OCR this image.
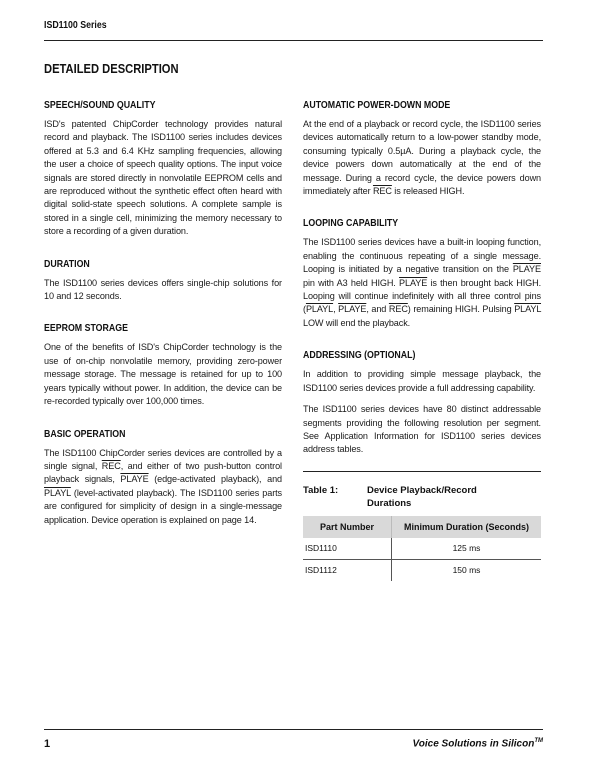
ISD1100 Series
DETAILED DESCRIPTION
SPEECH/SOUND QUALITY
ISD's patented ChipCorder technology provides natural record and playback. The ISD1100 series includes devices offered at 5.3 and 6.4 KHz sampling frequencies, allowing the user a choice of speech quality options. The input voice signals are stored directly in nonvolatile EEPROM cells and are reproduced without the synthetic effect often heard with digital solid-state speech solutions. A complete sample is stored in a single cell, minimizing the memory necessary to store a recording of a given duration.
DURATION
The ISD1100 series devices offers single-chip solutions for 10 and 12 seconds.
EEPROM STORAGE
One of the benefits of ISD's ChipCorder technology is the use of on-chip nonvolatile memory, providing zero-power message storage. The message is retained for up to 100 years typically without power. In addition, the device can be re-recorded typically over 100,000 times.
BASIC OPERATION
The ISD1100 ChipCorder series devices are controlled by a single signal, $\overline{REC}$, and either of two push-button control playback signals, PLAYE (edge-activated playback), and PLAYL (level-activated playback). The ISD1100 series parts are configured for simplicity of design in a single-message application. Device operation is explained on page 14.
AUTOMATIC POWER-DOWN MODE
At the end of a playback or record cycle, the ISD1100 series devices automatically return to a low-power standby mode, consuming typically 0.5µA. During a playback cycle, the device powers down automatically at the end of the message. During a record cycle, the device powers down immediately after $\overline{REC}$ is released HIGH.
LOOPING CAPABILITY
The ISD1100 series devices have a built-in looping function, enabling the continuous repeating of a single message. Looping is initiated by a negative transition on the PLAYE pin with A3 held HIGH. PLAYE is then brought back HIGH. Looping will continue indefinitely with all three control pins (PLAYL, PLAYE, and $\overline{REC}$) remaining HIGH. Pulsing PLAYL LOW will end the playback.
ADDRESSING (OPTIONAL)
In addition to providing simple message playback, the ISD1100 series devices provide a full addressing capability.
The ISD1100 series devices have 80 distinct addressable segments providing the following resolution per segment. See Application Information for ISD1100 series devices address tables.
Table 1:	Device Playback/Record Durations
Part Number	Minimum Duration (Seconds)
ISD1110	125 ms
ISD1112	150 ms
1	Voice Solutions in Silicon™
